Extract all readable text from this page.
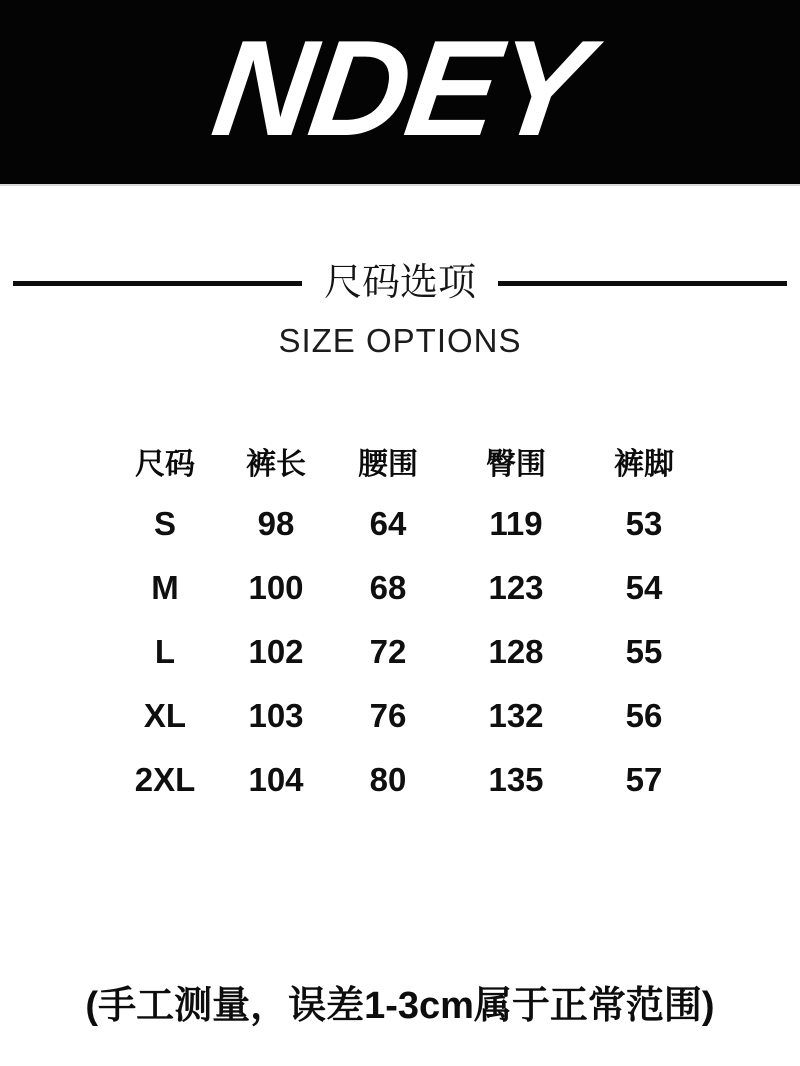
NDEY
尺码选项
SIZE OPTIONS
尺码	裤长	腰围	臀围	裤脚
S	98	64	119	53
M	100	68	123	54
L	102	72	128	55
XL	103	76	132	56
2XL	104	80	135	57
(手工测量，误差1-3cm属于正常范围)
